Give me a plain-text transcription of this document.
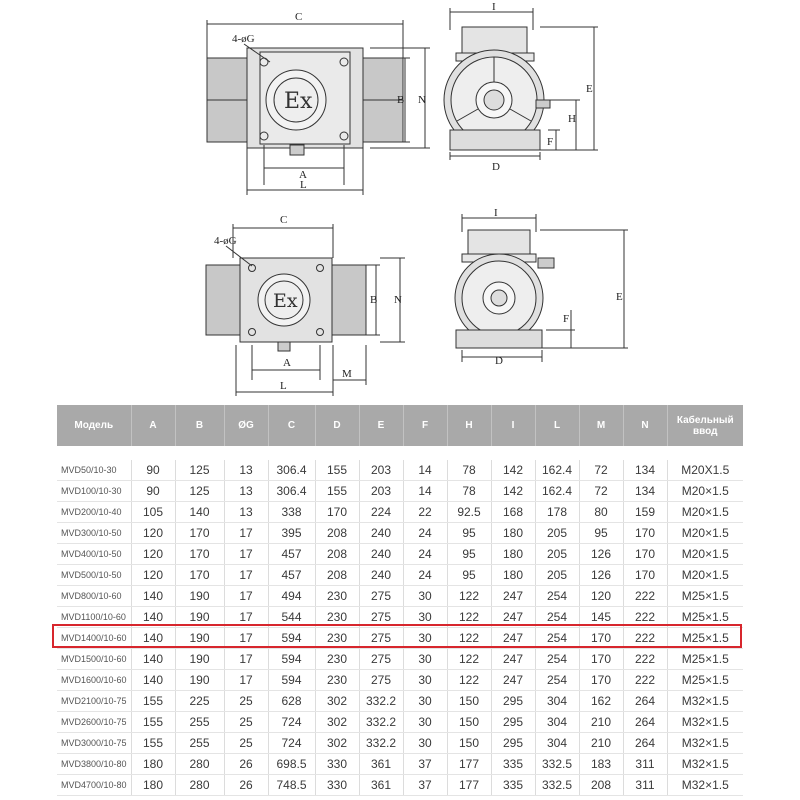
Ex
C
4-øG
B N
A
L
I
E
H
F
D
Ex
C
4-øG
B N
A
L
M
I
E
F
D
Модель	A	B	ØG	C	D	E	F	H	I	L	M	N	Кабельный ввод

MVD50/10-30	90	125	13	306.4	155	203	14	78	142	162.4	72	134	M20X1.5
MVD100/10-30	90	125	13	306.4	155	203	14	78	142	162.4	72	134	M20×1.5
MVD200/10-40	105	140	13	338	170	224	22	92.5	168	178	80	159	M20×1.5
MVD300/10-50	120	170	17	395	208	240	24	95	180	205	95	170	M20×1.5
MVD400/10-50	120	170	17	457	208	240	24	95	180	205	126	170	M20×1.5
MVD500/10-50	120	170	17	457	208	240	24	95	180	205	126	170	M20×1.5
MVD800/10-60	140	190	17	494	230	275	30	122	247	254	120	222	M25×1.5
MVD1100/10-60	140	190	17	544	230	275	30	122	247	254	145	222	M25×1.5
MVD1400/10-60	140	190	17	594	230	275	30	122	247	254	170	222	M25×1.5
MVD1500/10-60	140	190	17	594	230	275	30	122	247	254	170	222	M25×1.5
MVD1600/10-60	140	190	17	594	230	275	30	122	247	254	170	222	M25×1.5
MVD2100/10-75	155	225	25	628	302	332.2	30	150	295	304	162	264	M32×1.5
MVD2600/10-75	155	255	25	724	302	332.2	30	150	295	304	210	264	M32×1.5
MVD3000/10-75	155	255	25	724	302	332.2	30	150	295	304	210	264	M32×1.5
MVD3800/10-80	180	280	26	698.5	330	361	37	177	335	332.5	183	311	M32×1.5
MVD4700/10-80	180	280	26	748.5	330	361	37	177	335	332.5	208	311	M32×1.5
